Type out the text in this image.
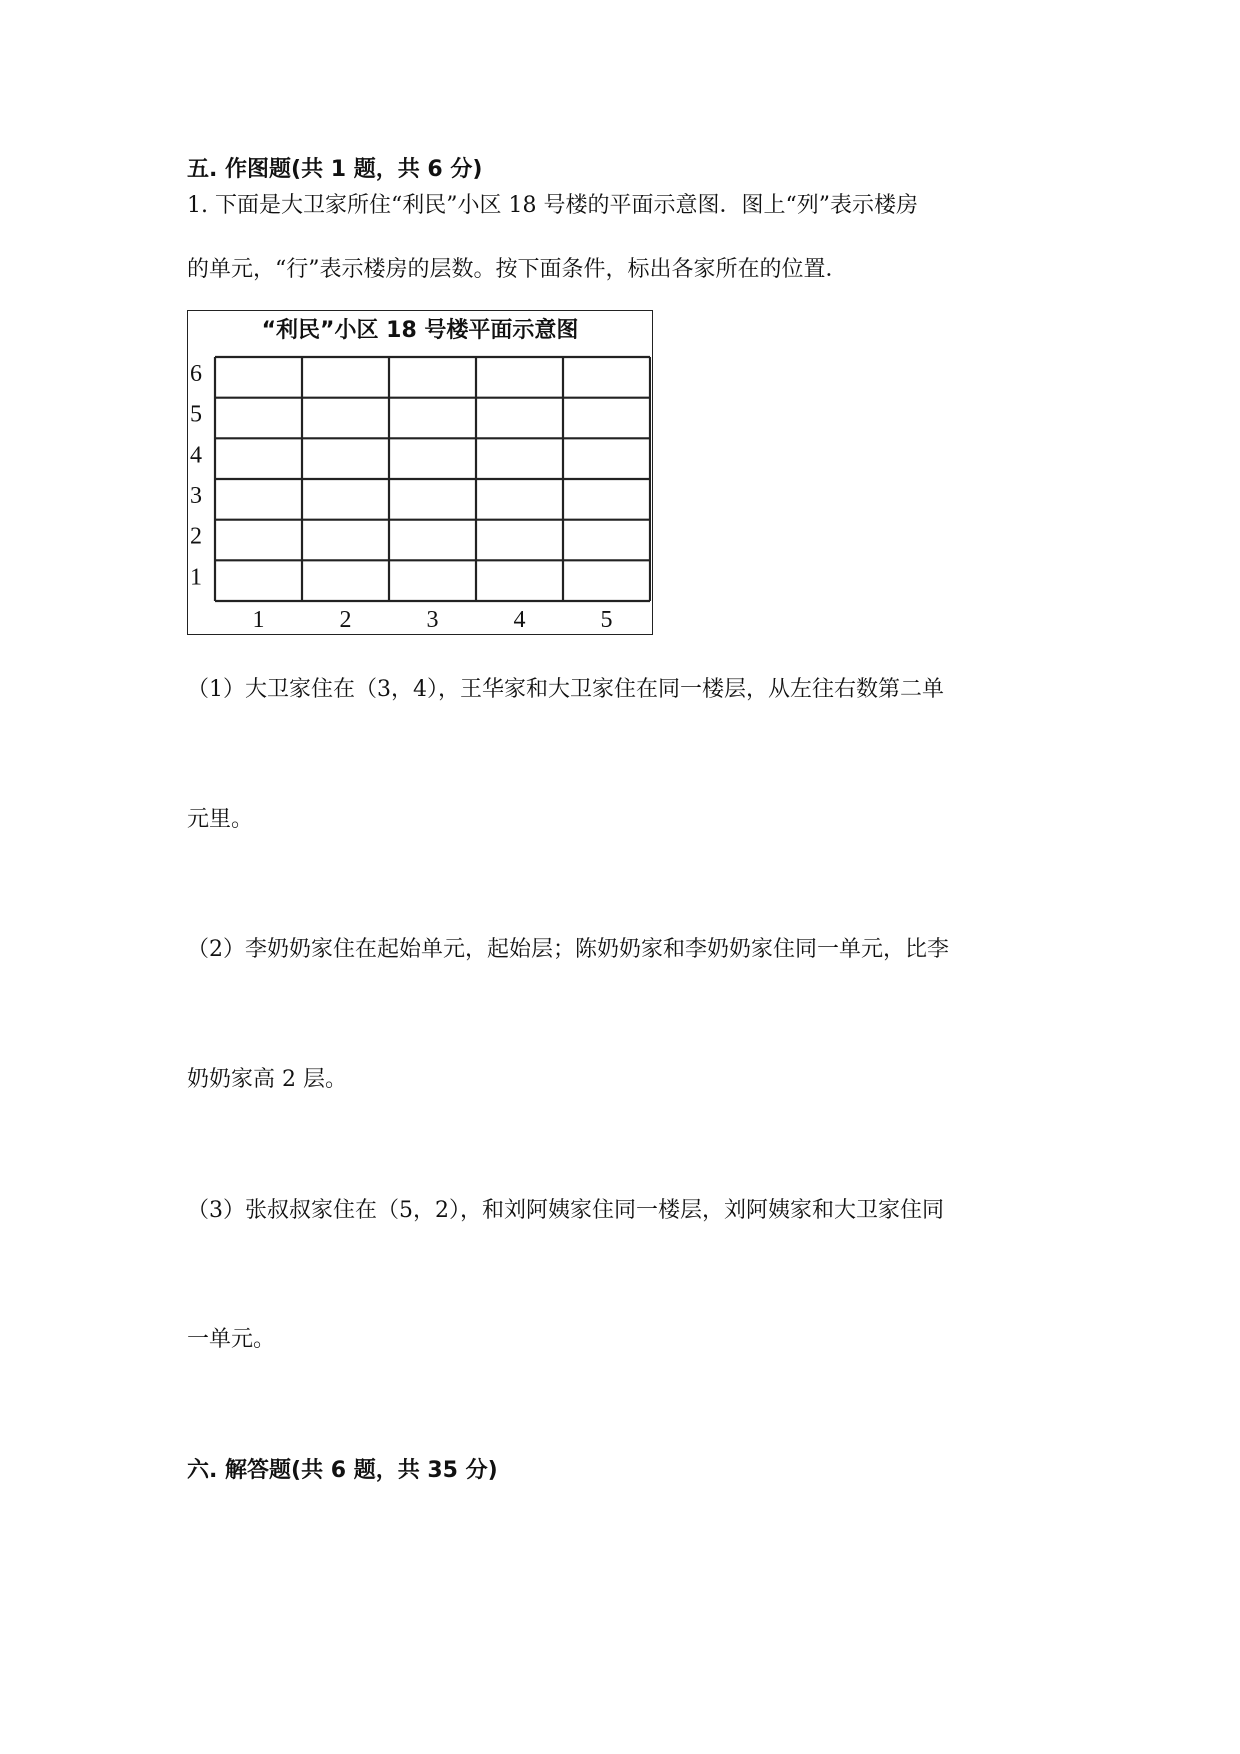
五. 作图题(共 1 题，共 6 分)
1. 下面是大卫家所住“利民”小区 18 号楼的平面示意图．图上“列”表示楼房
的单元，“行”表示楼房的层数。按下面条件，标出各家所在的位置．
“利民”小区 18 号楼平面示意图
6
5
4
3
2
1
1	2	3	4	5
（1）大卫家住在（3，4），王华家和大卫家住在同一楼层，从左往右数第二单
元里。
（2）李奶奶家住在起始单元，起始层；陈奶奶家和李奶奶家住同一单元，比李
奶奶家高 2 层。
（3）张叔叔家住在（5，2），和刘阿姨家住同一楼层，刘阿姨家和大卫家住同
一单元。
六. 解答题(共 6 题，共 35 分)
